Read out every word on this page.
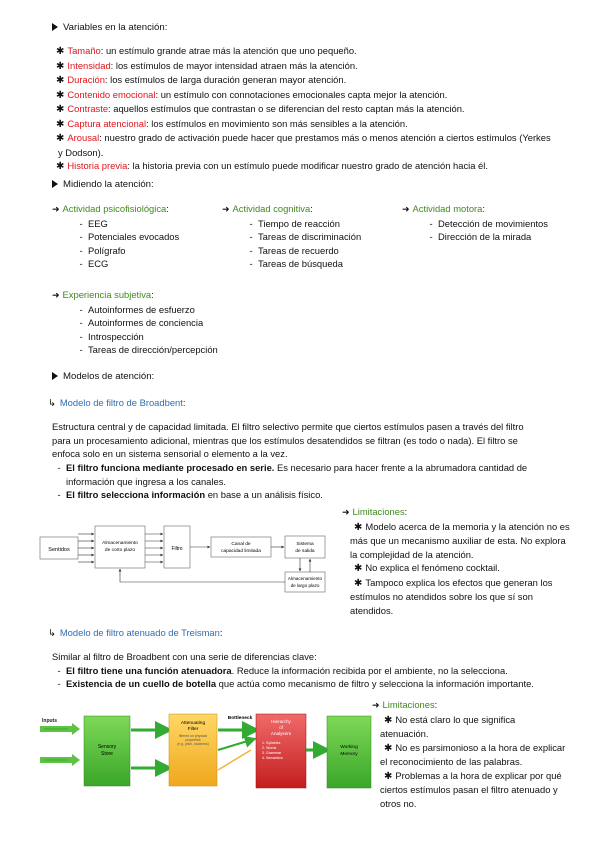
Variables en la atención:
✱ Tamaño: un estímulo grande atrae más la atención que uno pequeño.
✱ Intensidad: los estímulos de mayor intensidad atraen más la atención.
✱ Duración: los estímulos de larga duración generan mayor atención.
✱ Contenido emocional: un estímulo con connotaciones emocionales capta mejor la atención.
✱ Contraste: aquellos estímulos que contrastan o se diferencian del resto captan más la atención.
✱ Captura atencional: los estímulos en movimiento son más sensibles a la atención.
✱ Arousal: nuestro grado de activación puede hacer que prestamos más o menos atención a ciertos estímulos (Yerkes
y Dodson).
✱ Historia previa: la historia previa con un estímulo puede modificar nuestro grado de atención hacia él.
Midiendo la atención:
➜ Actividad psicofisiológica:
- EEG
- Potenciales evocados
- Polígrafo
- ECG
➜ Actividad cognitiva:
- Tiempo de reacción
- Tareas de discriminación
- Tareas de recuerdo
- Tareas de búsqueda
➜ Actividad motora:
- Detección de movimientos
- Dirección de la mirada
➜ Experiencia subjetiva:
- Autoinformes de esfuerzo
- Autoinformes de conciencia
- Introspección
- Tareas de dirección/percepción
Modelos de atención:
↳ Modelo de filtro de Broadbent:
Estructura central y de capacidad limitada. El filtro selectivo permite que ciertos estímulos pasen a través del filtro
para un procesamiento adicional, mientras que los estímulos desatendidos se filtran (es todo o nada). El filtro se
enfoca solo en un sistema sensorial o elemento a la vez.
- El filtro funciona mediante procesado en serie. Es necesario para hacer frente a la abrumadora cantidad de
información que ingresa a los canales.
- El filtro selecciona información en base a un análisis físico.
Sentidos
Almacenamiento
de corto plazo	Filtro
Canal de
capacidad limitada
Sistema
de salida
Almacenamiento
de largo plazo
➜ Limitaciones:
✱ Modelo acerca de la memoria y la atención no es
más que un mecanismo auxiliar de esta. No explora
la complejidad de la atención.
✱ No explica el fenómeno cocktail.
✱ Tampoco explica los efectos que generan los
estímulos no atendidos sobre los que sí son
atendidos.
↳ Modelo de filtro atenuado de Treisman:
Similar al filtro de Broadbent con una serie de diferencias clave:
- El filtro tiene una función atenuadora. Reduce la información recibida por el ambiente, no la selecciona.
- Existencia de un cuello de botella que actúa como mecanismo de filtro y selecciona la información importante.
Inputs
Sensory
Store
Attenuating
Filter
filtered on physical
properties
(e.g. pitch, loudness)
Bottleneck
Hierarchy
of
Analysers
1. Syllables
2. Words
3. Grammar
4. Semantics
Working
Memory
➜ Limitaciones:
✱ No está claro lo que significa
atenuación.
✱ No es parsimonioso a la hora de explicar
el reconocimiento de las palabras.
✱ Problemas a la hora de explicar por qué
ciertos estímulos pasan el filtro atenuado y
otros no.
